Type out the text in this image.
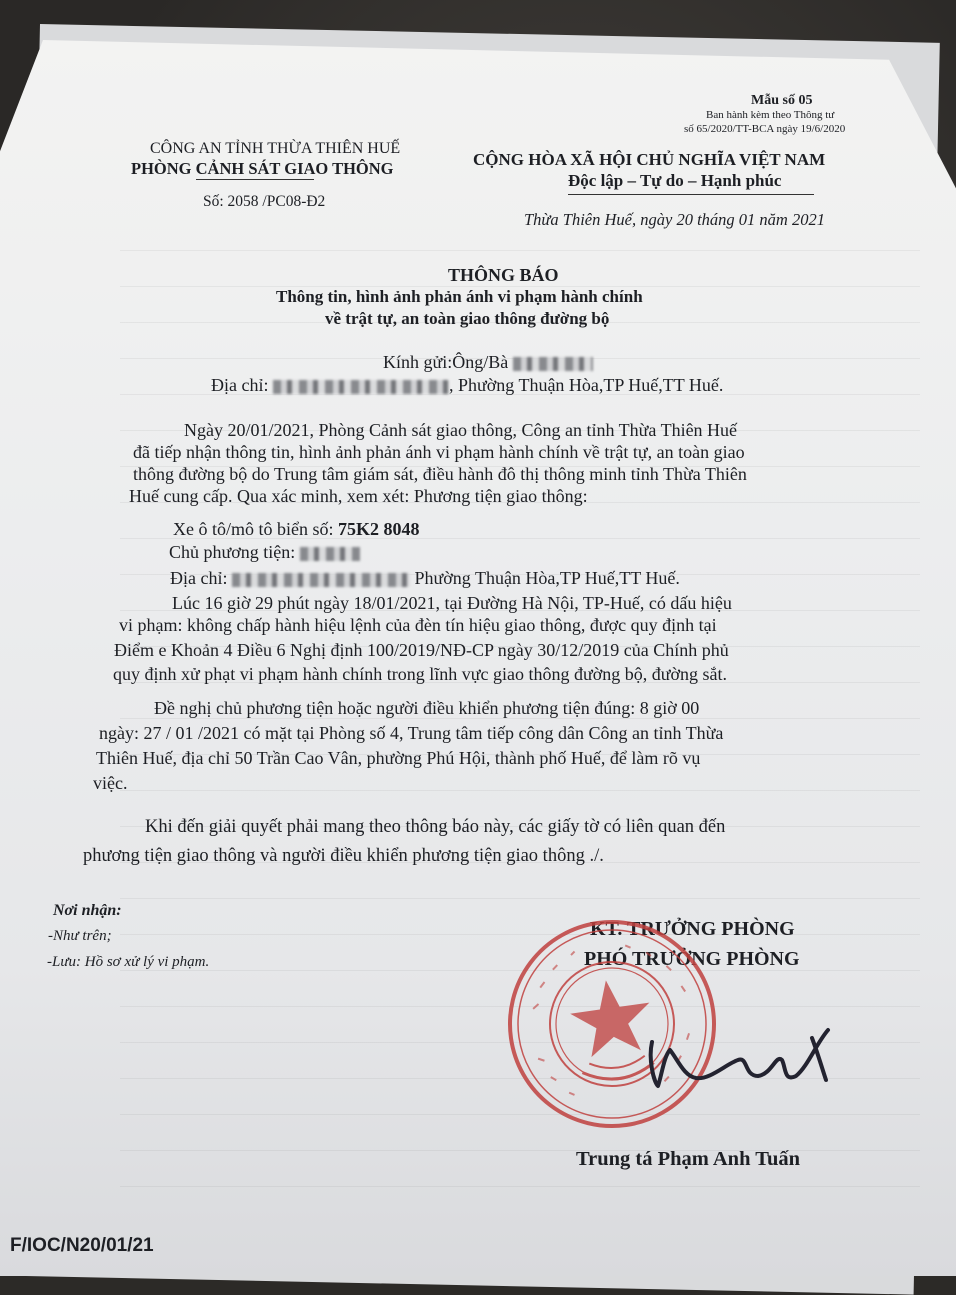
Mẫu số 05
Ban hành kèm theo Thông tư
số 65/2020/TT-BCA ngày 19/6/2020
CÔNG AN TỈNH THỪA THIÊN HUẾ
PHÒNG CẢNH SÁT GIAO THÔNG
Số: 2058 /PC08-Đ2
CỘNG HÒA XÃ HỘI CHỦ NGHĨA VIỆT NAM
Độc lập – Tự do – Hạnh phúc
Thừa Thiên Huế, ngày 20 tháng 01 năm 2021
THÔNG BÁO
Thông tin, hình ảnh phản ánh vi phạm hành chính
về trật tự, an toàn giao thông đường bộ
Kính gửi:Ông/Bà
Địa chỉ:	, Phường Thuận Hòa,TP Huế,TT Huế.
Ngày 20/01/2021, Phòng Cảnh sát giao thông, Công an tỉnh Thừa Thiên Huế
đã tiếp nhận thông tin, hình ảnh phản ánh vi phạm hành chính về trật tự, an toàn giao
thông đường bộ do Trung tâm giám sát, điều hành đô thị thông minh tỉnh Thừa Thiên
Huế cung cấp. Qua xác minh, xem xét: Phương tiện giao thông:
Xe ô tô/mô tô biển số: 75K2 8048
Chủ phương tiện:
Địa chỉ:	Phường Thuận Hòa,TP Huế,TT Huế.
Lúc 16 giờ 29 phút ngày 18/01/2021, tại Đường Hà Nội, TP-Huế, có dấu hiệu
vi phạm: không chấp hành hiệu lệnh của đèn tín hiệu giao thông, được quy định tại
Điểm e Khoản 4 Điều 6 Nghị định 100/2019/NĐ-CP ngày 30/12/2019 của Chính phủ
quy định xử phạt vi phạm hành chính trong lĩnh vực giao thông đường bộ, đường sắt.
Đề nghị chủ phương tiện hoặc người điều khiển phương tiện đúng: 8 giờ 00
ngày: 27 / 01 /2021 có mặt tại Phòng số 4, Trung tâm tiếp công dân Công an tỉnh Thừa
Thiên Huế, địa chỉ 50 Trần Cao Vân, phường Phú Hội, thành phố Huế, để làm rõ vụ
việc.
Khi đến giải quyết phải mang theo thông báo này, các giấy tờ có liên quan đến
phương tiện giao thông và người điều khiển phương tiện giao thông ./.
Nơi nhận:
-Như trên;
-Lưu: Hồ sơ xử lý vi phạm.
KT. TRƯỞNG PHÒNG
PHÓ TRƯỞNG PHÒNG
Trung tá Phạm Anh Tuấn
F/IOC/N20/01/21
